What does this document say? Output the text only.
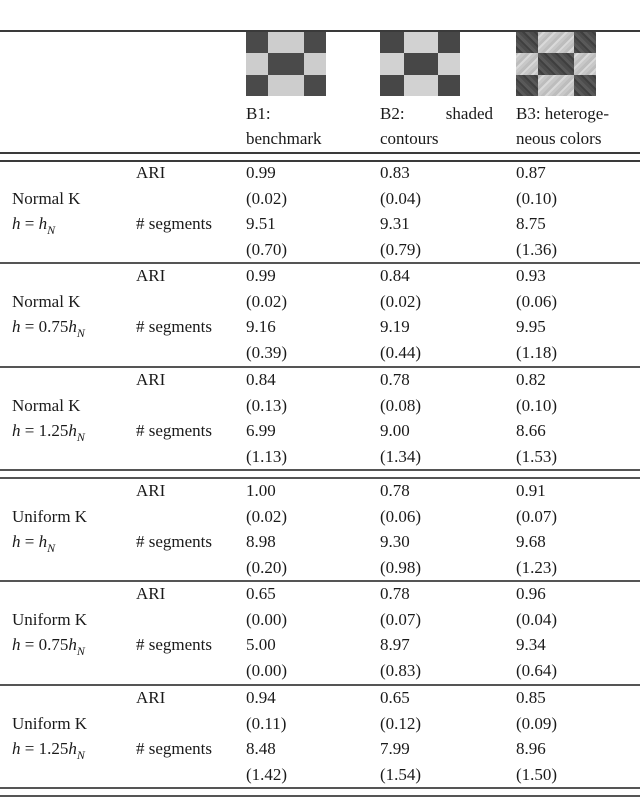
B1:
benchmark
B2: shaded
contours
B3: heteroge-
neous colors
Normal K
$h = h_N$
ARI
# segments
0.99
(0.02)
9.51
(0.70)
0.83
(0.04)
9.31
(0.79)
0.87
(0.10)
8.75
(1.36)
Normal K
$h = 0.75h_N$
ARI
# segments
0.99
(0.02)
9.16
(0.39)
0.84
(0.02)
9.19
(0.44)
0.93
(0.06)
9.95
(1.18)
Normal K
$h = 1.25h_N$
ARI
# segments
0.84
(0.13)
6.99
(1.13)
0.78
(0.08)
9.00
(1.34)
0.82
(0.10)
8.66
(1.53)
Uniform K
$h = h_N$
ARI
# segments
1.00
(0.02)
8.98
(0.20)
0.78
(0.06)
9.30
(0.98)
0.91
(0.07)
9.68
(1.23)
Uniform K
$h = 0.75h_N$
ARI
# segments
0.65
(0.00)
5.00
(0.00)
0.78
(0.07)
8.97
(0.83)
0.96
(0.04)
9.34
(0.64)
Uniform K
$h = 1.25h_N$
ARI
# segments
0.94
(0.11)
8.48
(1.42)
0.65
(0.12)
7.99
(1.54)
0.85
(0.09)
8.96
(1.50)
